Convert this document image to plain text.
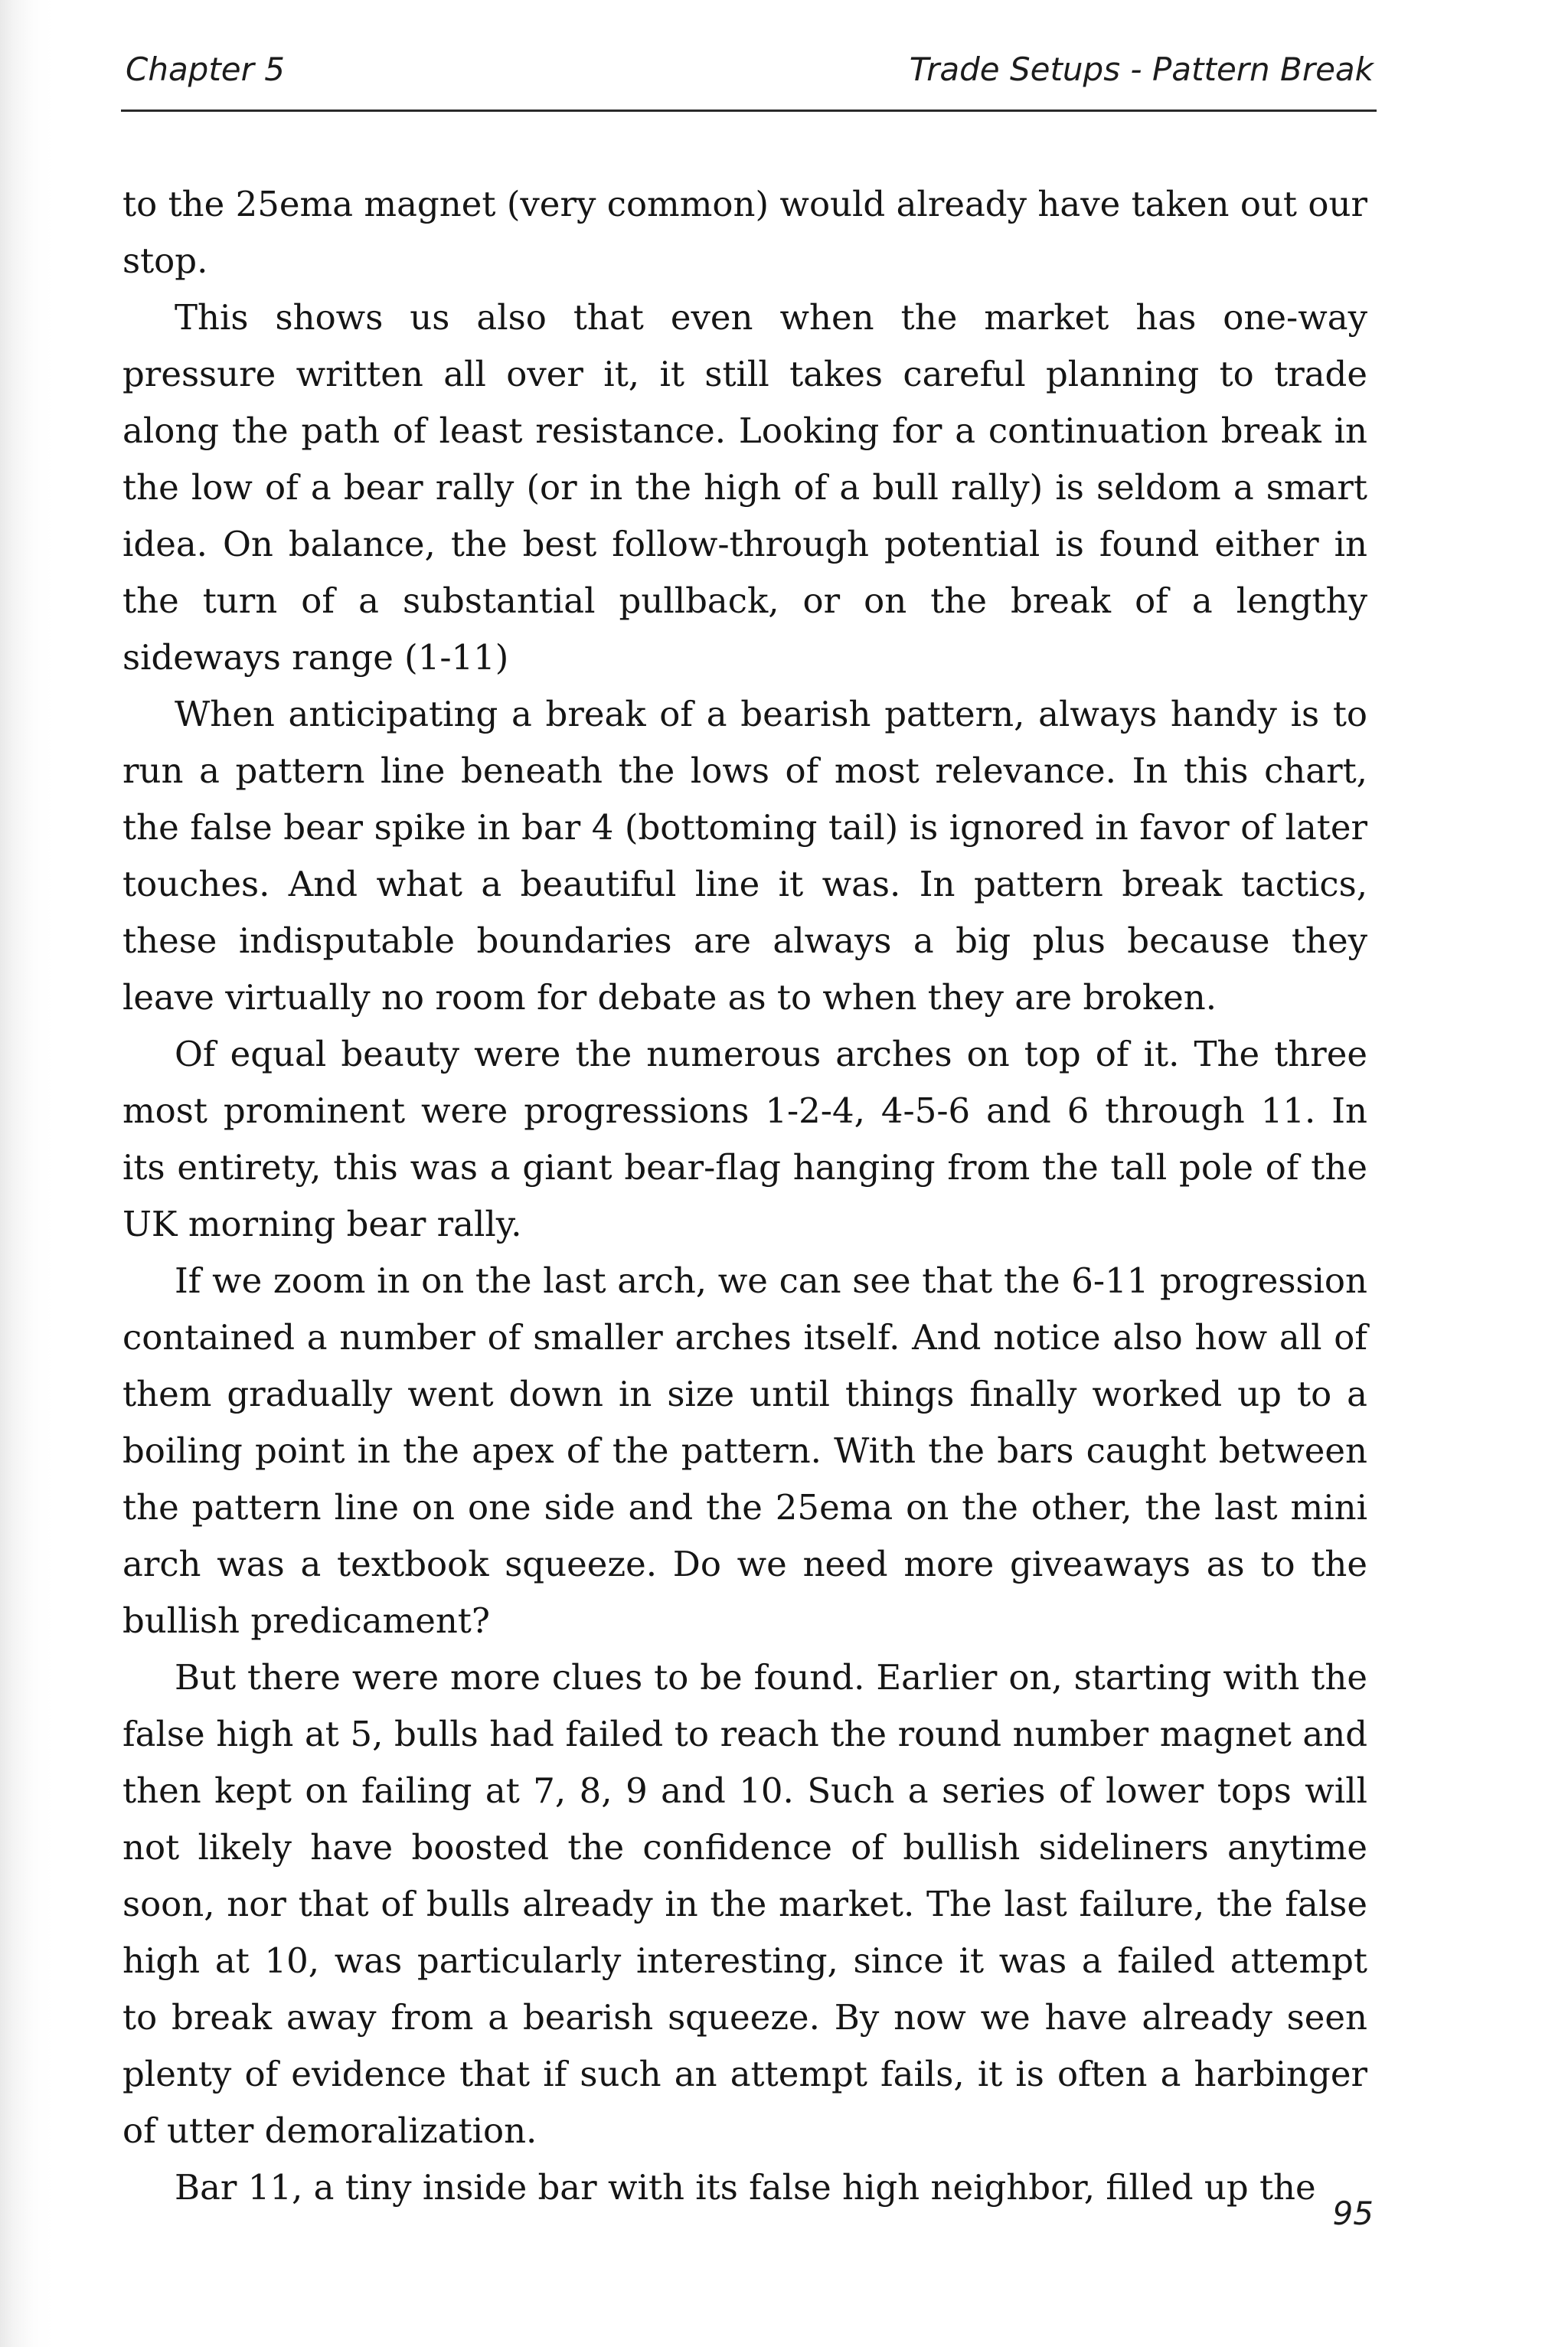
Chapter 5	Trade Setups - Pattern Break

to the 25ema magnet (very common) would already have taken out our stop.

This shows us also that even when the market has one-way pressure written all over it, it still takes careful planning to trade along the path of least resistance. Looking for a continuation break in the low of a bear rally (or in the high of a bull rally) is seldom a smart idea. On balance, the best follow-through potential is found either in the turn of a substantial pullback, or on the break of a lengthy sideways range (1-11)

When anticipating a break of a bearish pattern, always handy is to run a pattern line beneath the lows of most relevance. In this chart, the false bear spike in bar 4 (bottoming tail) is ignored in favor of later touches. And what a beautiful line it was. In pattern break tactics, these indisputable boundaries are always a big plus because they leave virtually no room for debate as to when they are broken.

Of equal beauty were the numerous arches on top of it. The three most prominent were progressions 1-2-4, 4-5-6 and 6 through 11. In its entirety, this was a giant bear-flag hanging from the tall pole of the UK morning bear rally.

If we zoom in on the last arch, we can see that the 6-11 progression contained a number of smaller arches itself. And notice also how all of them gradually went down in size until things finally worked up to a boiling point in the apex of the pattern. With the bars caught between the pattern line on one side and the 25ema on the other, the last mini arch was a textbook squeeze. Do we need more giveaways as to the bullish predicament?

But there were more clues to be found. Earlier on, starting with the false high at 5, bulls had failed to reach the round number magnet and then kept on failing at 7, 8, 9 and 10. Such a series of lower tops will not likely have boosted the confidence of bullish sideliners anytime soon, nor that of bulls already in the market. The last failure, the false high at 10, was particularly interesting, since it was a failed attempt to break away from a bearish squeeze. By now we have already seen plenty of evidence that if such an attempt fails, it is often a harbinger of utter demoralization.

Bar 11, a tiny inside bar with its false high neighbor, filled up the

95
